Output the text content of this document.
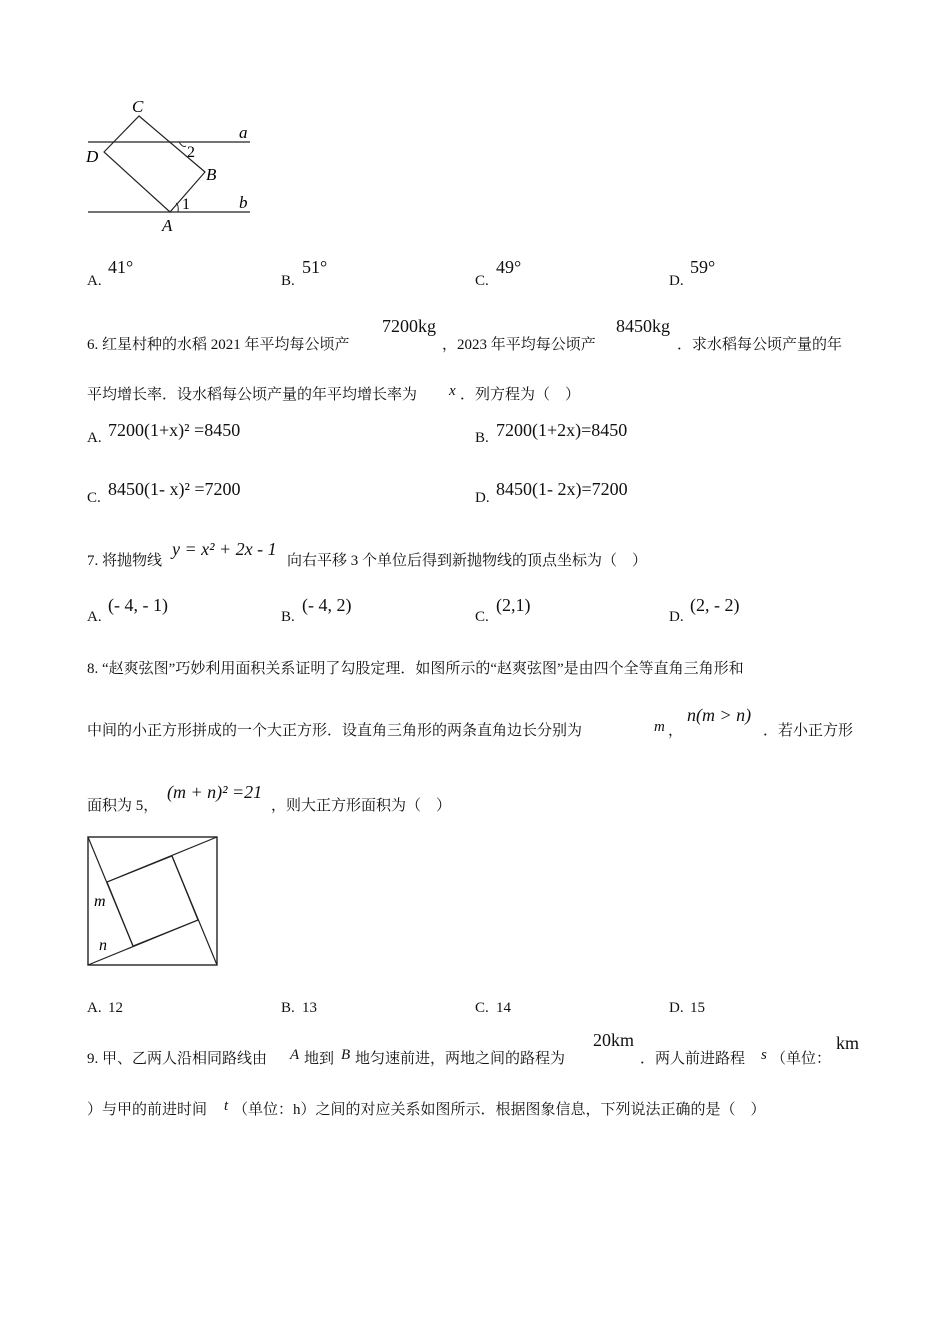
C
a
D	2
B
1	b
A
A.
41°
B.
51°
C.
49°
D.
59°
6. 红星村种的水稻 2021 年平均每公顷产
7200kg
，2023 年平均每公顷产
8450kg
．求水稻每公顷产量的年
平均增长率．设水稻每公顷产量的年平均增长率为 x ．列方程为（　）
A. 7200(1+x)² =8450	B. 7200(1+2x)=8450
C. 8450(1- x)² =7200	D. 8450(1- 2x)=7200
7. 将抛物线
y = x² + 2x - 1
向右平移 3 个单位后得到新抛物线的顶点坐标为（　）
A.
(- 4, - 1)
B.
(- 4, 2)
C.
(2,1)
D.
(2, - 2)
8. “赵爽弦图”巧妙利用面积关系证明了勾股定理．如图所示的“赵爽弦图”是由四个全等直角三角形和
中间的小正方形拼成的一个大正方形．设直角三角形的两条直角边长分别为	m ，
n(m > n)
．若小正方形
面积为 5，
(m + n)² =21
，则大正方形面积为（　）
m
n
A. 12	B. 13	C. 14	D. 15
9. 甲、乙两人沿相同路线由 A 地到 B 地匀速前进，两地之间的路程为
20km
．两人前进路程 s （单位：
km
）与甲的前进时间 t （单位：h）之间的对应关系如图所示．根据图象信息，下列说法正确的是（　）
